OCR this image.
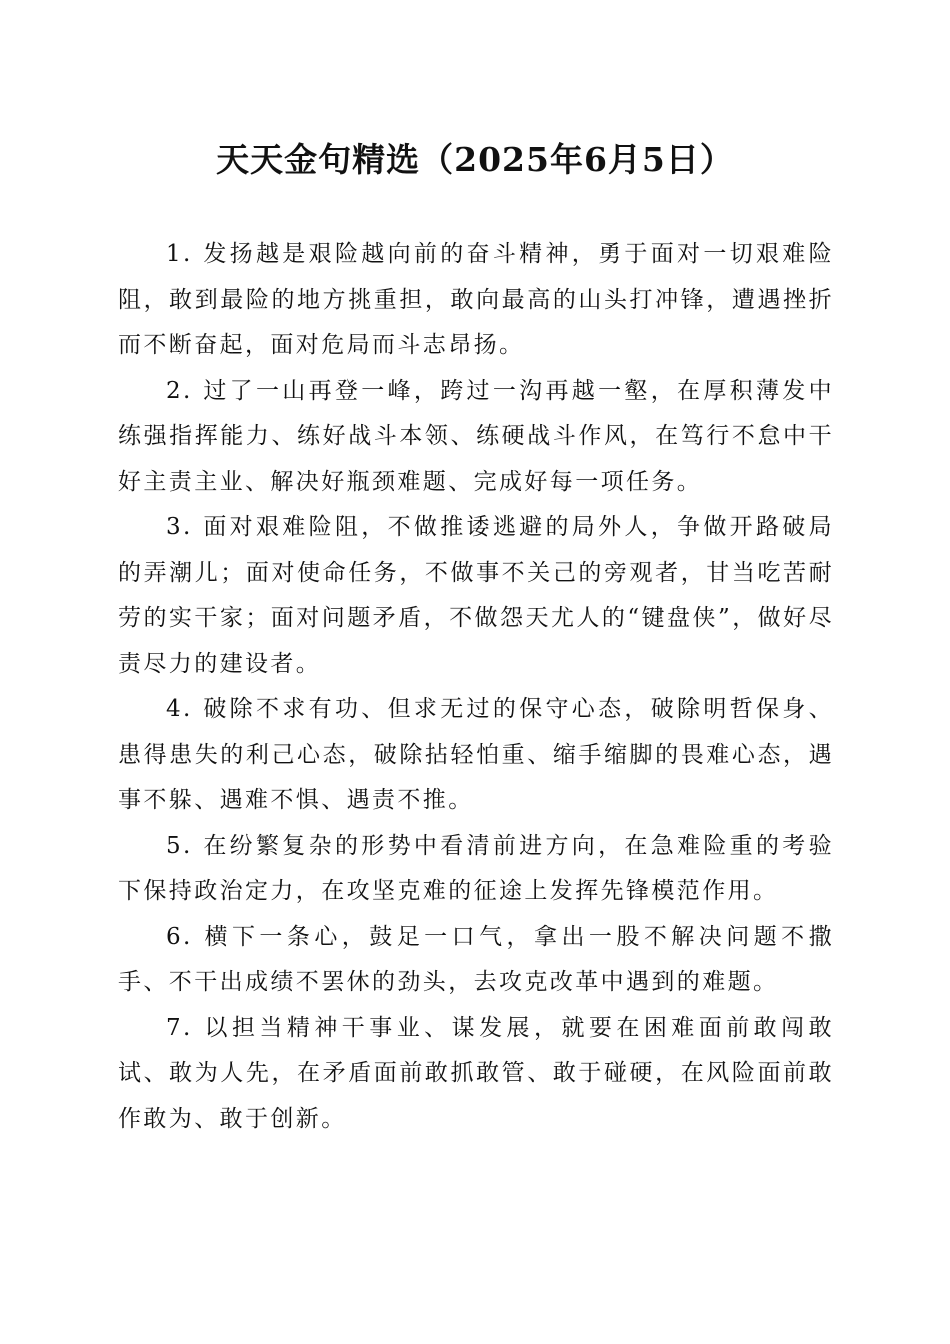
天天金句精选（2025年6月5日）

1. 发扬越是艰险越向前的奋斗精神，勇于面对一切艰难险阻，敢到最险的地方挑重担，敢向最高的山头打冲锋，遭遇挫折而不断奋起，面对危局而斗志昂扬。

2. 过了一山再登一峰，跨过一沟再越一壑，在厚积薄发中练强指挥能力、练好战斗本领、练硬战斗作风，在笃行不怠中干好主责主业、解决好瓶颈难题、完成好每一项任务。

3. 面对艰难险阻，不做推诿逃避的局外人，争做开路破局的弄潮儿；面对使命任务，不做事不关己的旁观者，甘当吃苦耐劳的实干家；面对问题矛盾，不做怨天尤人的“键盘侠”，做好尽责尽力的建设者。

4. 破除不求有功、但求无过的保守心态，破除明哲保身、患得患失的利己心态，破除拈轻怕重、缩手缩脚的畏难心态，遇事不躲、遇难不惧、遇责不推。

5. 在纷繁复杂的形势中看清前进方向，在急难险重的考验下保持政治定力，在攻坚克难的征途上发挥先锋模范作用。

6. 横下一条心，鼓足一口气，拿出一股不解决问题不撒手、不干出成绩不罢休的劲头，去攻克改革中遇到的难题。

7. 以担当精神干事业、谋发展，就要在困难面前敢闯敢试、敢为人先，在矛盾面前敢抓敢管、敢于碰硬，在风险面前敢作敢为、敢于创新。
